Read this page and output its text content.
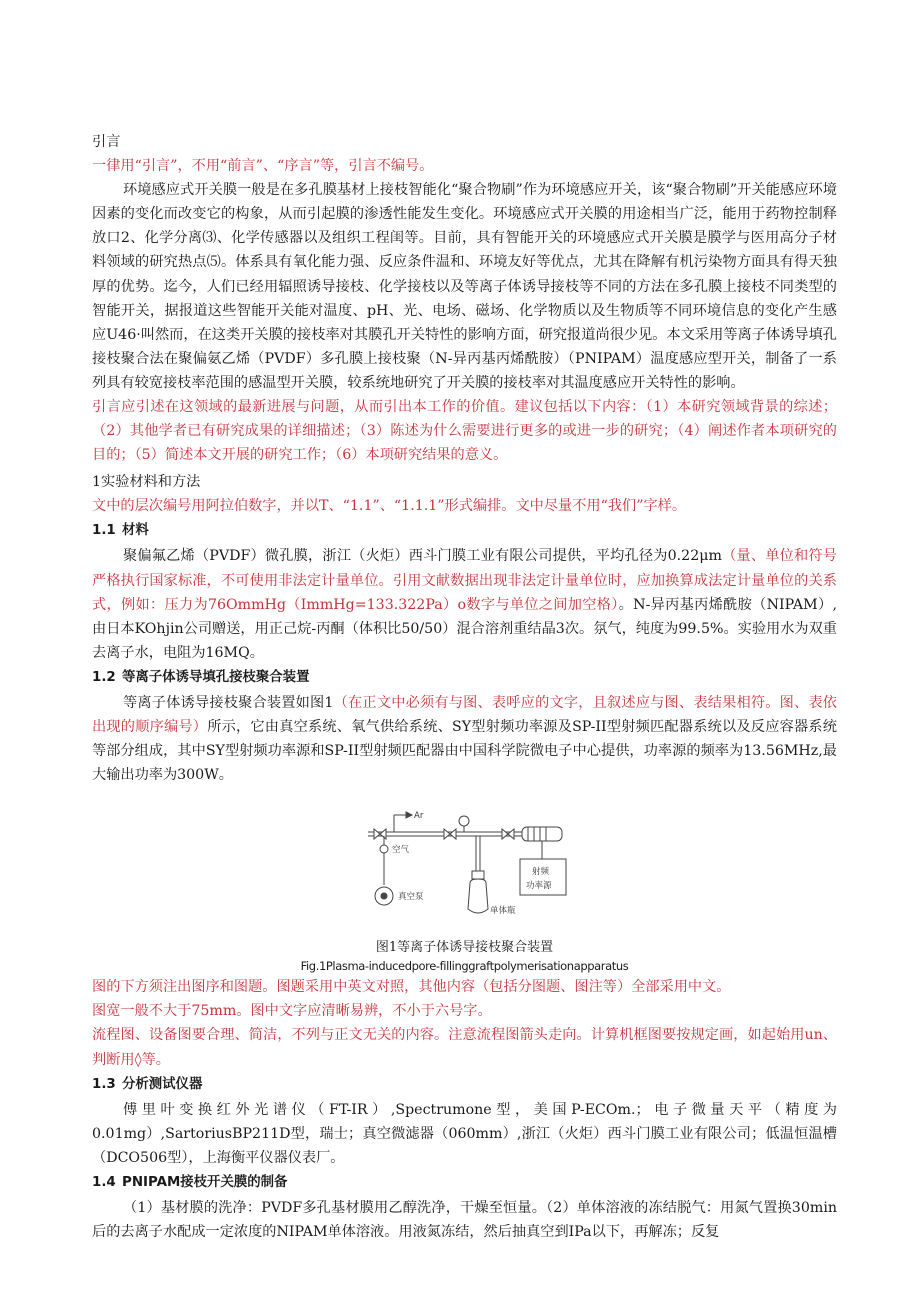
引言

一律用“引言”，不用“前言”、“序言”等，引言不编号。

环境感应式开关膜一般是在多孔膜基材上接枝智能化“聚合物刷”作为环境感应开关，该“聚合物刷”开关能感应环境因素的变化而改变它的构象，从而引起膜的渗透性能发生变化。环境感应式开关膜的用途相当广泛，能用于药物控制释放口2、化学分离⑶、化学传感器以及组织工程闺等。目前，具有智能开关的环境感应式开关膜是膜学与医用高分子材料领域的研究热点⑸。体系具有氧化能力强、反应条件温和、环境友好等优点，尤其在降解有机污染物方面具有得天独厚的优势。迄今，人们已经用辐照诱导接枝、化学接枝以及等离子体诱导接枝等不同的方法在多孔膜上接枝不同类型的智能开关，据报道这些智能开关能对温度、pH、光、电场、磁场、化学物质以及生物质等不同环境信息的变化产生感应U46·叫然而，在这类开关膜的接枝率对其膜孔开关特性的影响方面，研究报道尚很少见。本文采用等离子体诱导填孔接枝聚合法在聚偏氨乙烯（PVDF）多孔膜上接枝聚（N-异丙基丙烯酰胺）（PNIPAM）温度感应型开关，制备了一系列具有较宽接枝率范围的感温型开关膜，较系统地研究了开关膜的接枝率对其温度感应开关特性的影响。

引言应引述在这领域的最新进展与问题，从而引出本工作的价值。建议包括以下内容：（1）本研究领域背景的综述；（2）其他学者已有研究成果的详细描述；（3）陈述为什么需要进行更多的或进一步的研究；（4）阐述作者本项研究的目的；（5）简述本文开展的研究工作；（6）本项研究结果的意义。

1实验材料和方法

文中的层次编号用阿拉伯数字，并以T、“1.1”、“1.1.1”形式编排。文中尽量不用“我们”字样。

1.1 材料

聚偏氟乙烯（PVDF）微孔膜，浙江（火炬）西斗门膜工业有限公司提供，平均孔径为0.22μm（量、单位和符号严格执行国家标准，不可使用非法定计量单位。引用文献数据出现非法定计量单位时，应加换算成法定计量单位的关系式，例如：压力为76OmmHg（ImmHg=133.322Pa）o数字与单位之间加空格）。N-异丙基丙烯酰胺（NIPAM）,由日本KOhjin公司赠送，用正己烷-丙酮（体积比50/50）混合溶剂重结晶3次。氛气，纯度为99.5%。实验用水为双重去离子水，电阻为16MQ。

1.2 等离子体诱导填孔接枝聚合装置

等离子体诱导接枝聚合装置如图1（在正文中必须有与图、表呼应的文字，且叙述应与图、表结果相符。图、表依出现的顺序编号）所示，它由真空系统、氧气供给系统、SY型射频功率源及SP-II型射频匹配器系统以及反应容器系统等部分组成，其中SY型射频功率源和SP-II型射频匹配器由中国科学院微电子中心提供，功率源的频率为13.56MHz,最大输出功率为300W。

Ar
空气
真空泵
单体瓶
射频
功率源

图1等离子体诱导接枝聚合装置

Fig.1Plasma-inducedpore-fillinggraftpolymerisationapparatus

图的下方须注出图序和图题。图题采用中英文对照，其他内容（包括分图题、图注等）全部采用中文。

图宽一般不大于75mm。图中文字应清晰易辨，不小于六号字。

流程图、设备图要合理、简洁，不列与正文无关的内容。注意流程图箭头走向。计算机框图要按规定画，如起始用un、判断用◊等。

1.3 分析测试仪器

傅里叶变换红外光谱仪（FT-IR）,Spectrumone型，美国P-ECOm.；电子微量天平（精度为0.01mg）,SartoriusBP211D型，瑞士；真空微滤器（060mm）,浙江（火炬）西斗门膜工业有限公司；低温恒温槽（DCO506型），上海衡平仪器仪表厂。

1.4 PNIPAM接枝开关膜的制备

（1）基材膜的洗净：PVDF多孔基材膜用乙醇洗净，干燥至恒量。（2）单体溶液的冻结脱气：用氮气置换30min后的去离子水配成一定浓度的NIPAM单体溶液。用液氮冻结，然后抽真空到IPa以下，再解冻；反复
